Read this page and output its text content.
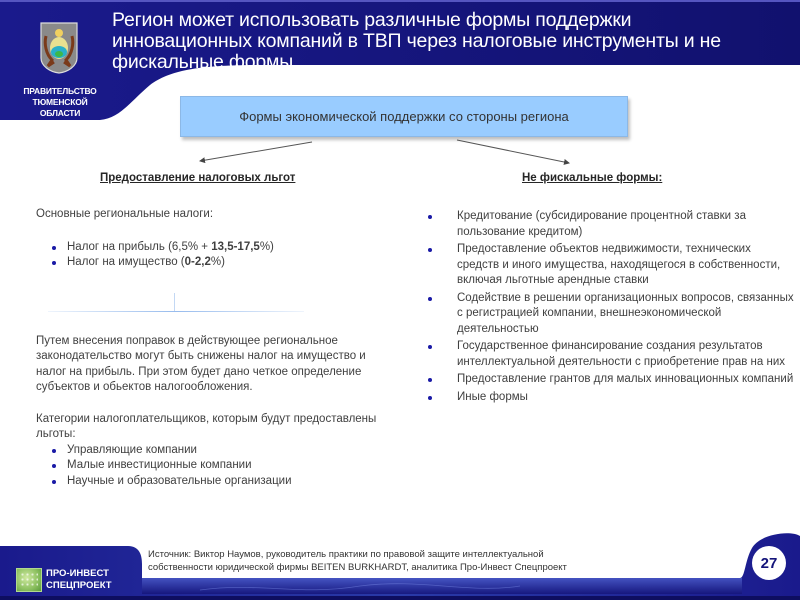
ПРАВИТЕЛЬСТВО
ТЮМЕНСКОЙ
ОБЛАСТИ
Регион может использовать различные формы поддержки
инновационных компаний в ТВП через налоговые инструменты и не
фискальные формы
Формы экономической поддержки со стороны региона
Предоставление налоговых льгот

Основные региональные налоги:

Налог на прибыль (6,5% + 13,5-17,5%)
Налог на имущество (0-2,2%)

Путем внесения поправок в действующее региональное законодательство могут быть снижены налог на имущество и налог на прибыль. При этом будет дано четкое определение субъектов и обьектов налогообложения.

Категории налогоплательщиков, которым будут предоставлены льготы:

Управляющие компании
Малые инвестиционные компании
Научные и образовательные организации
Не фискальные формы:
Кредитование (субсидирование процентной ставки за пользование кредитом)
Предоставление объектов недвижимости, технических средств и иного имущества, находящегося в собственности, включая льготные арендные ставки
Содействие в решении организационных вопросов, связанных с регистрацией компании, внешнеэкономической деятельностью
Государственное финансирование создания результатов интеллектуальной деятельности с приобретение прав на них
Предоставление грантов для малых инновационных компаний
Иные формы
Источник: Виктор Наумов, руководитель практики по правовой защите интеллектуальной
собственности юридической фирмы BEITEN BURKHARDT, аналитика Про-Инвест Спецпроект
ПРО-ИНВЕСТ
СПЕЦПРОЕКТ
27
